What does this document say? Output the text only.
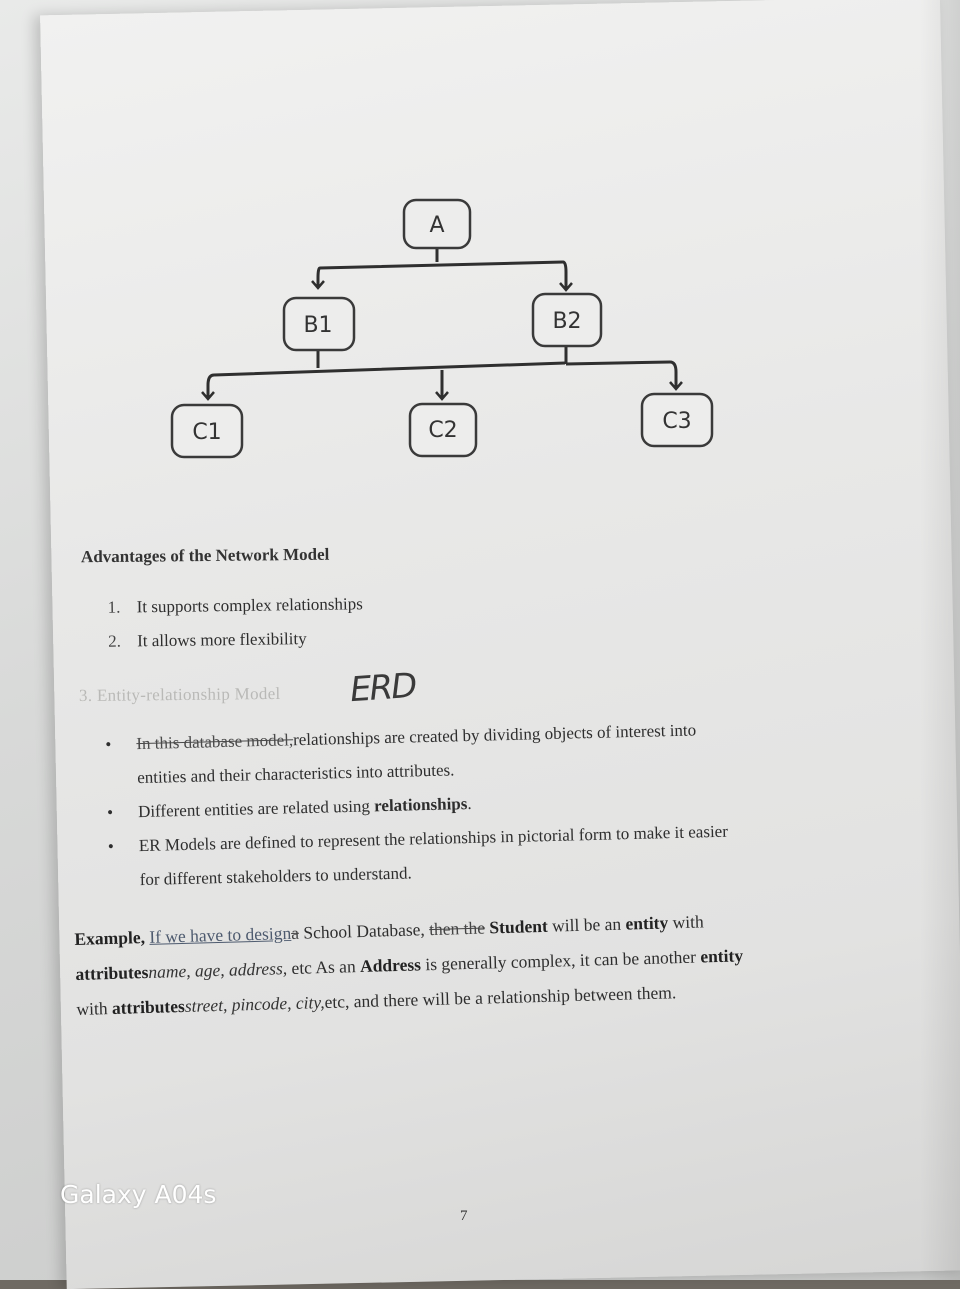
A
B1	B2
C1	C2	C3
Advantages of the Network Model
1. It supports complex relationships
2. It allows more flexibility
3. Entity-relationship Model ERD
• In this database model,relationships are created by dividing objects of interest into
entities and their characteristics into attributes.
• Different entities are related using relationships.
• ER Models are defined to represent the relationships in pictorial form to make it easier
for different stakeholders to understand.
Example, If we have to designa School Database, then the Student will be an entity with
attributesname, age, address, etc As an Address is generally complex, it can be another entity
with attributesstreet, pincode, city,etc, and there will be a relationship between them.
7
Galaxy A04s
